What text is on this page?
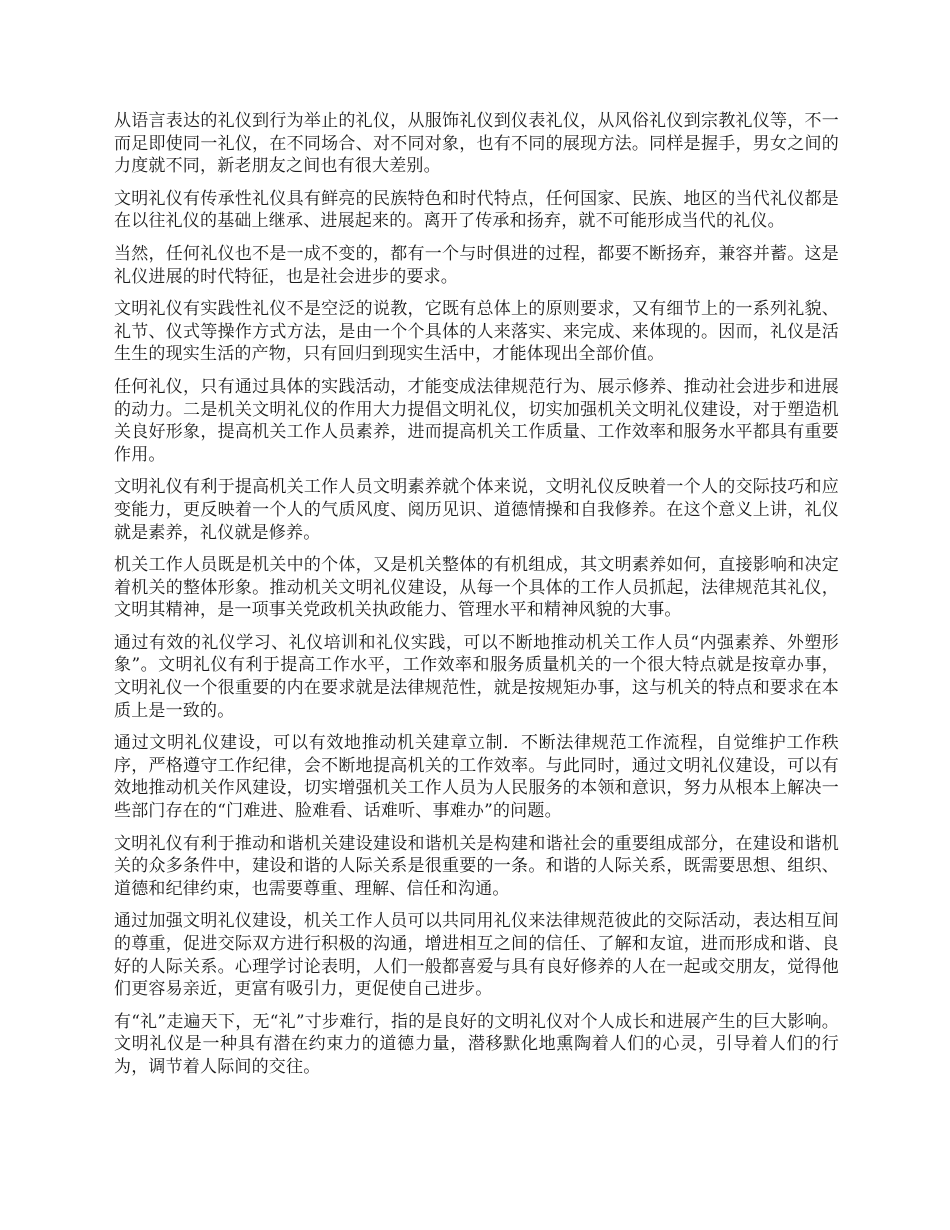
从语言表达的礼仪到行为举止的礼仪，从服饰礼仪到仪表礼仪，从风俗礼仪到宗教礼仪等，不一而足即使同一礼仪，在不同场合、对不同对象，也有不同的展现方法。同样是握手，男女之间的力度就不同，新老朋友之间也有很大差别。

文明礼仪有传承性礼仪具有鲜亮的民族特色和时代特点，任何国家、民族、地区的当代礼仪都是在以往礼仪的基础上继承、进展起来的。离开了传承和扬弃，就不可能形成当代的礼仪。

当然，任何礼仪也不是一成不变的，都有一个与时俱进的过程，都要不断扬弃，兼容并蓄。这是礼仪进展的时代特征，也是社会进步的要求。

文明礼仪有实践性礼仪不是空泛的说教，它既有总体上的原则要求，又有细节上的一系列礼貌、礼节、仪式等操作方式方法，是由一个个具体的人来落实、来完成、来体现的。因而，礼仪是活生生的现实生活的产物，只有回归到现实生活中，才能体现出全部价值。

任何礼仪，只有通过具体的实践活动，才能变成法律规范行为、展示修养、推动社会进步和进展的动力。二是机关文明礼仪的作用大力提倡文明礼仪，切实加强机关文明礼仪建设，对于塑造机关良好形象，提高机关工作人员素养，进而提高机关工作质量、工作效率和服务水平都具有重要作用。

文明礼仪有利于提高机关工作人员文明素养就个体来说，文明礼仪反映着一个人的交际技巧和应变能力，更反映着一个人的气质风度、阅历见识、道德情操和自我修养。在这个意义上讲，礼仪就是素养，礼仪就是修养。

机关工作人员既是机关中的个体，又是机关整体的有机组成，其文明素养如何，直接影响和决定着机关的整体形象。推动机关文明礼仪建设，从每一个具体的工作人员抓起，法律规范其礼仪，文明其精神，是一项事关党政机关执政能力、管理水平和精神风貌的大事。

通过有效的礼仪学习、礼仪培训和礼仪实践，可以不断地推动机关工作人员“内强素养、外塑形象”。文明礼仪有利于提高工作水平，工作效率和服务质量机关的一个很大特点就是按章办事，文明礼仪一个很重要的内在要求就是法律规范性，就是按规矩办事，这与机关的特点和要求在本质上是一致的。

通过文明礼仪建设，可以有效地推动机关建章立制．不断法律规范工作流程，自觉维护工作秩序，严格遵守工作纪律，会不断地提高机关的工作效率。与此同时，通过文明礼仪建设，可以有效地推动机关作风建设，切实增强机关工作人员为人民服务的本领和意识，努力从根本上解决一些部门存在的“门难进、脸难看、话难听、事难办”的问题。

文明礼仪有利于推动和谐机关建设建设和谐机关是构建和谐社会的重要组成部分，在建设和谐机关的众多条件中，建设和谐的人际关系是很重要的一条。和谐的人际关系，既需要思想、组织、道德和纪律约束，也需要尊重、理解、信任和沟通。

通过加强文明礼仪建设，机关工作人员可以共同用礼仪来法律规范彼此的交际活动，表达相互间的尊重，促进交际双方进行积极的沟通，增进相互之间的信任、了解和友谊，进而形成和谐、良好的人际关系。心理学讨论表明，人们一般都喜爱与具有良好修养的人在一起或交朋友，觉得他们更容易亲近，更富有吸引力，更促使自己进步。

有“礼”走遍天下，无“礼”寸步难行，指的是良好的文明礼仪对个人成长和进展产生的巨大影响。文明礼仪是一种具有潜在约束力的道德力量，潜移默化地熏陶着人们的心灵，引导着人们的行为，调节着人际间的交往。
